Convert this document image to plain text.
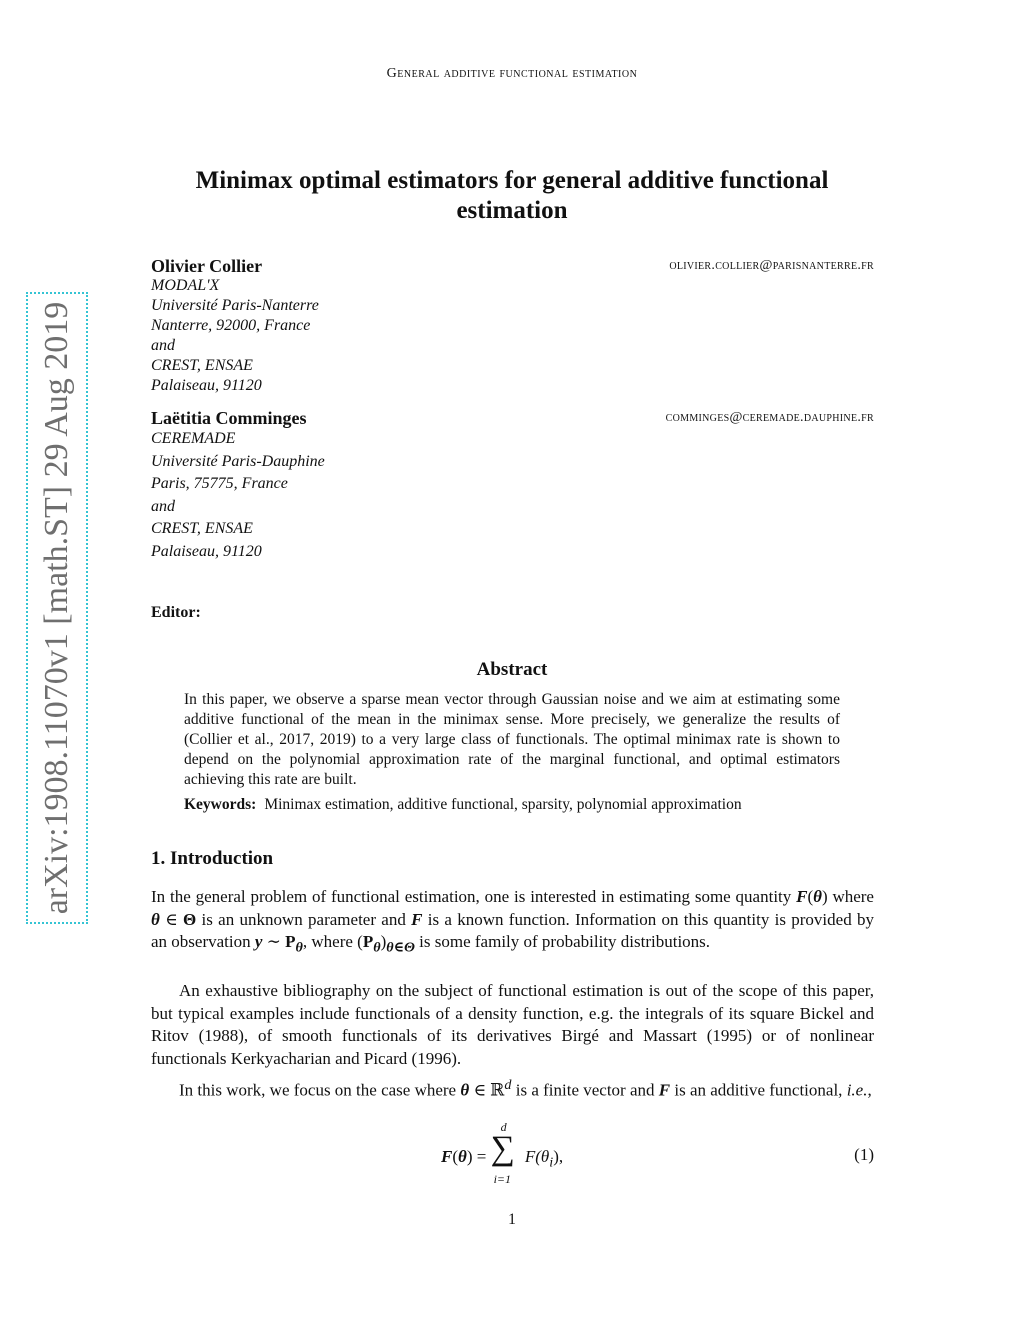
General additive functional estimation
arXiv:1908.11070v1 [math.ST] 29 Aug 2019
Minimax optimal estimators for general additive functional estimation
Olivier Collier	olivier.collier@parisnanterre.fr
MODAL'X
Université Paris-Nanterre
Nanterre, 92000, France
and
CREST, ENSAE
Palaiseau, 91120
Laëtitia Comminges	comminges@ceremade.dauphine.fr
CEREMADE
Université Paris-Dauphine
Paris, 75775, France
and
CREST, ENSAE
Palaiseau, 91120
Editor:
Abstract
In this paper, we observe a sparse mean vector through Gaussian noise and we aim at estimating some additive functional of the mean in the minimax sense. More precisely, we generalize the results of (Collier et al., 2017, 2019) to a very large class of functionals. The optimal minimax rate is shown to depend on the polynomial approximation rate of the marginal functional, and optimal estimators achieving this rate are built.
Keywords: Minimax estimation, additive functional, sparsity, polynomial approximation
1. Introduction
In the general problem of functional estimation, one is interested in estimating some quantity F(θ) where θ ∈ Θ is an unknown parameter and F is a known function. Information on this quantity is provided by an observation y ∼ $P_\theta$, where $(P_\theta)_{\theta\in\Theta}$ is some family of probability distributions.
An exhaustive bibliography on the subject of functional estimation is out of the scope of this paper, but typical examples include functionals of a density function, e.g. the integrals of its square Bickel and Ritov (1988), of smooth functionals of its derivatives Birgé and Massart (1995) or of nonlinear functionals Kerkyacharian and Picard (1996).
In this work, we focus on the case where θ ∈ ℝ$^d$ is a finite vector and F is an additive functional, i.e.,
F(θ) =
d
∑
i=1
$F(\theta_i)$,	(1)
1
